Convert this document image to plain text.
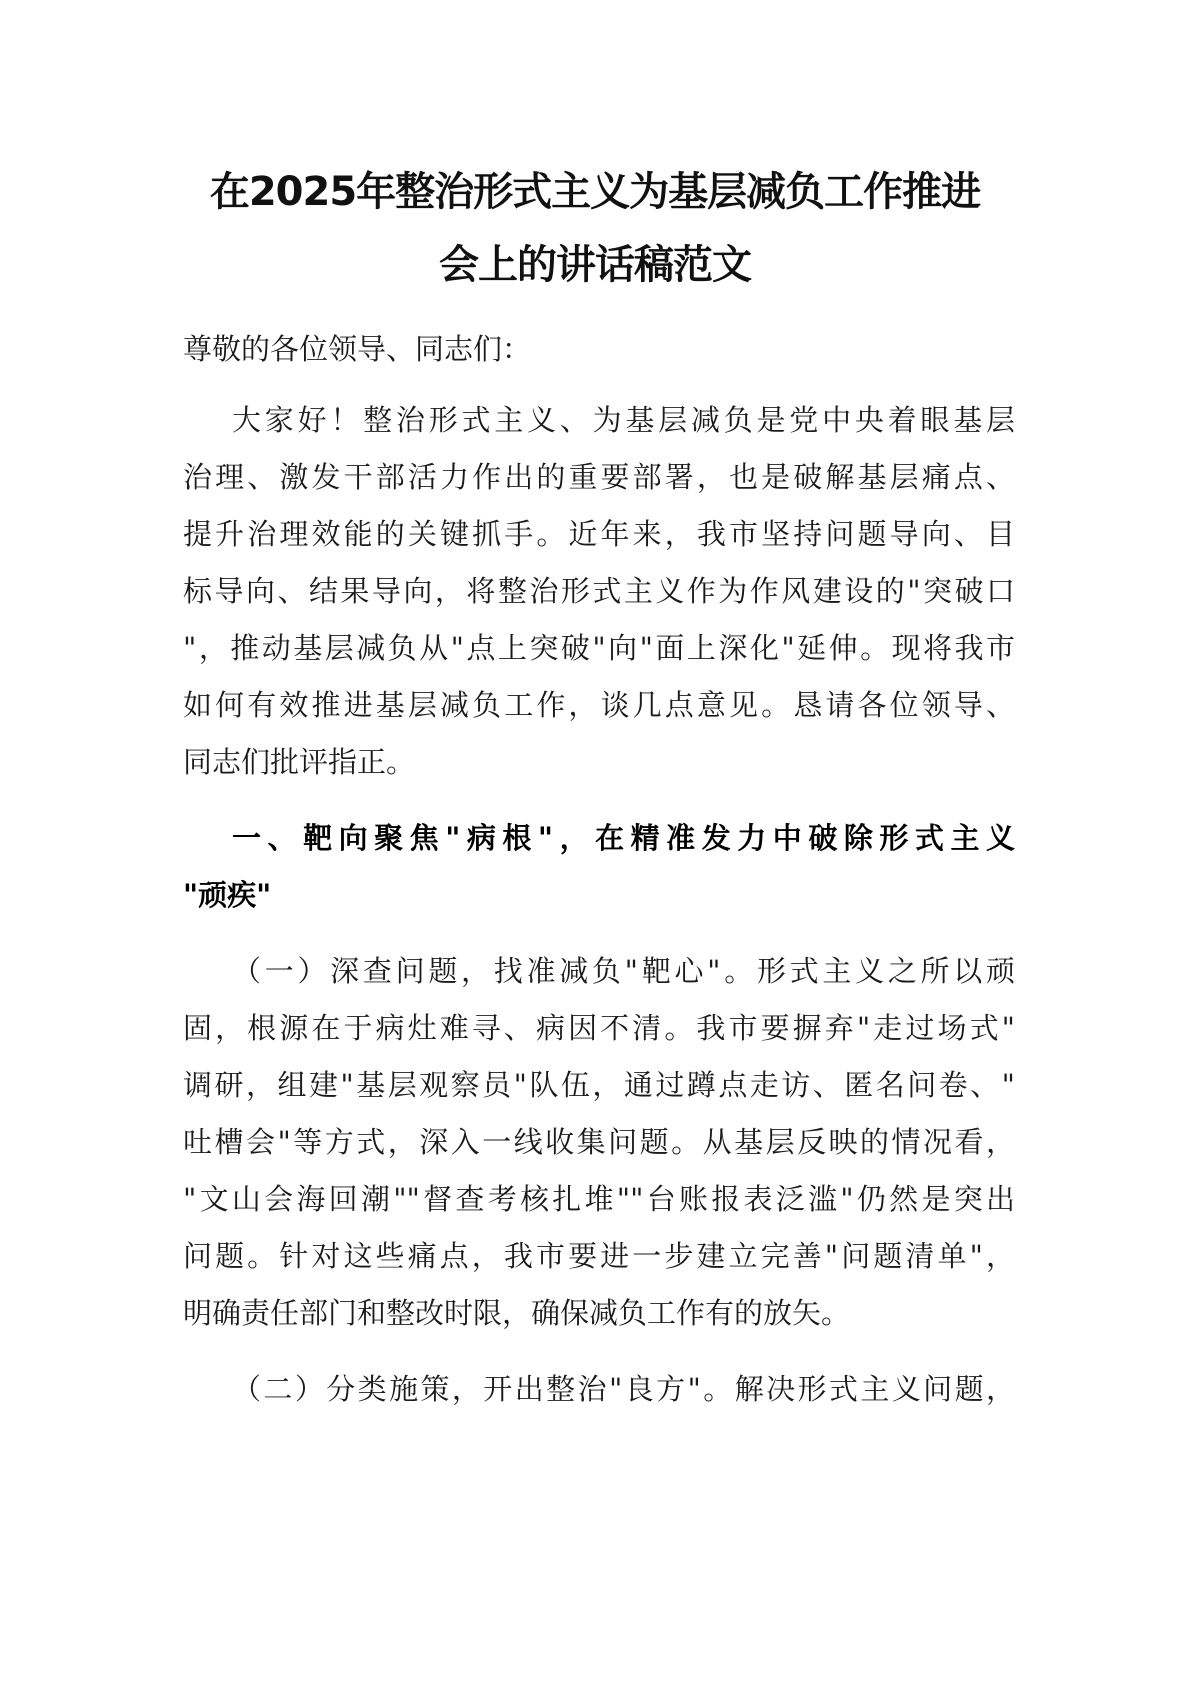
在2025年整治形式主义为基层减负工作推进
会上的讲话稿范文
尊敬的各位领导、同志们：
大家好！整治形式主义、为基层减负是党中央着眼基层
治理、激发干部活力作出的重要部署，也是破解基层痛点、
提升治理效能的关键抓手。近年来，我市坚持问题导向、目
标导向、结果导向，将整治形式主义作为作风建设的"突破口
"，推动基层减负从"点上突破"向"面上深化"延伸。现将我市
如何有效推进基层减负工作，谈几点意见。恳请各位领导、
同志们批评指正。
一、靶向聚焦"病根"，在精准发力中破除形式主义
"顽疾"
（一）深查问题，找准减负"靶心"。形式主义之所以顽
固，根源在于病灶难寻、病因不清。我市要摒弃"走过场式"
调研，组建"基层观察员"队伍，通过蹲点走访、匿名问卷、"
吐槽会"等方式，深入一线收集问题。从基层反映的情况看，
"文山会海回潮""督查考核扎堆""台账报表泛滥"仍然是突出
问题。针对这些痛点，我市要进一步建立完善"问题清单"，
明确责任部门和整改时限，确保减负工作有的放矢。
（二）分类施策，开出整治"良方"。解决形式主义问题，
